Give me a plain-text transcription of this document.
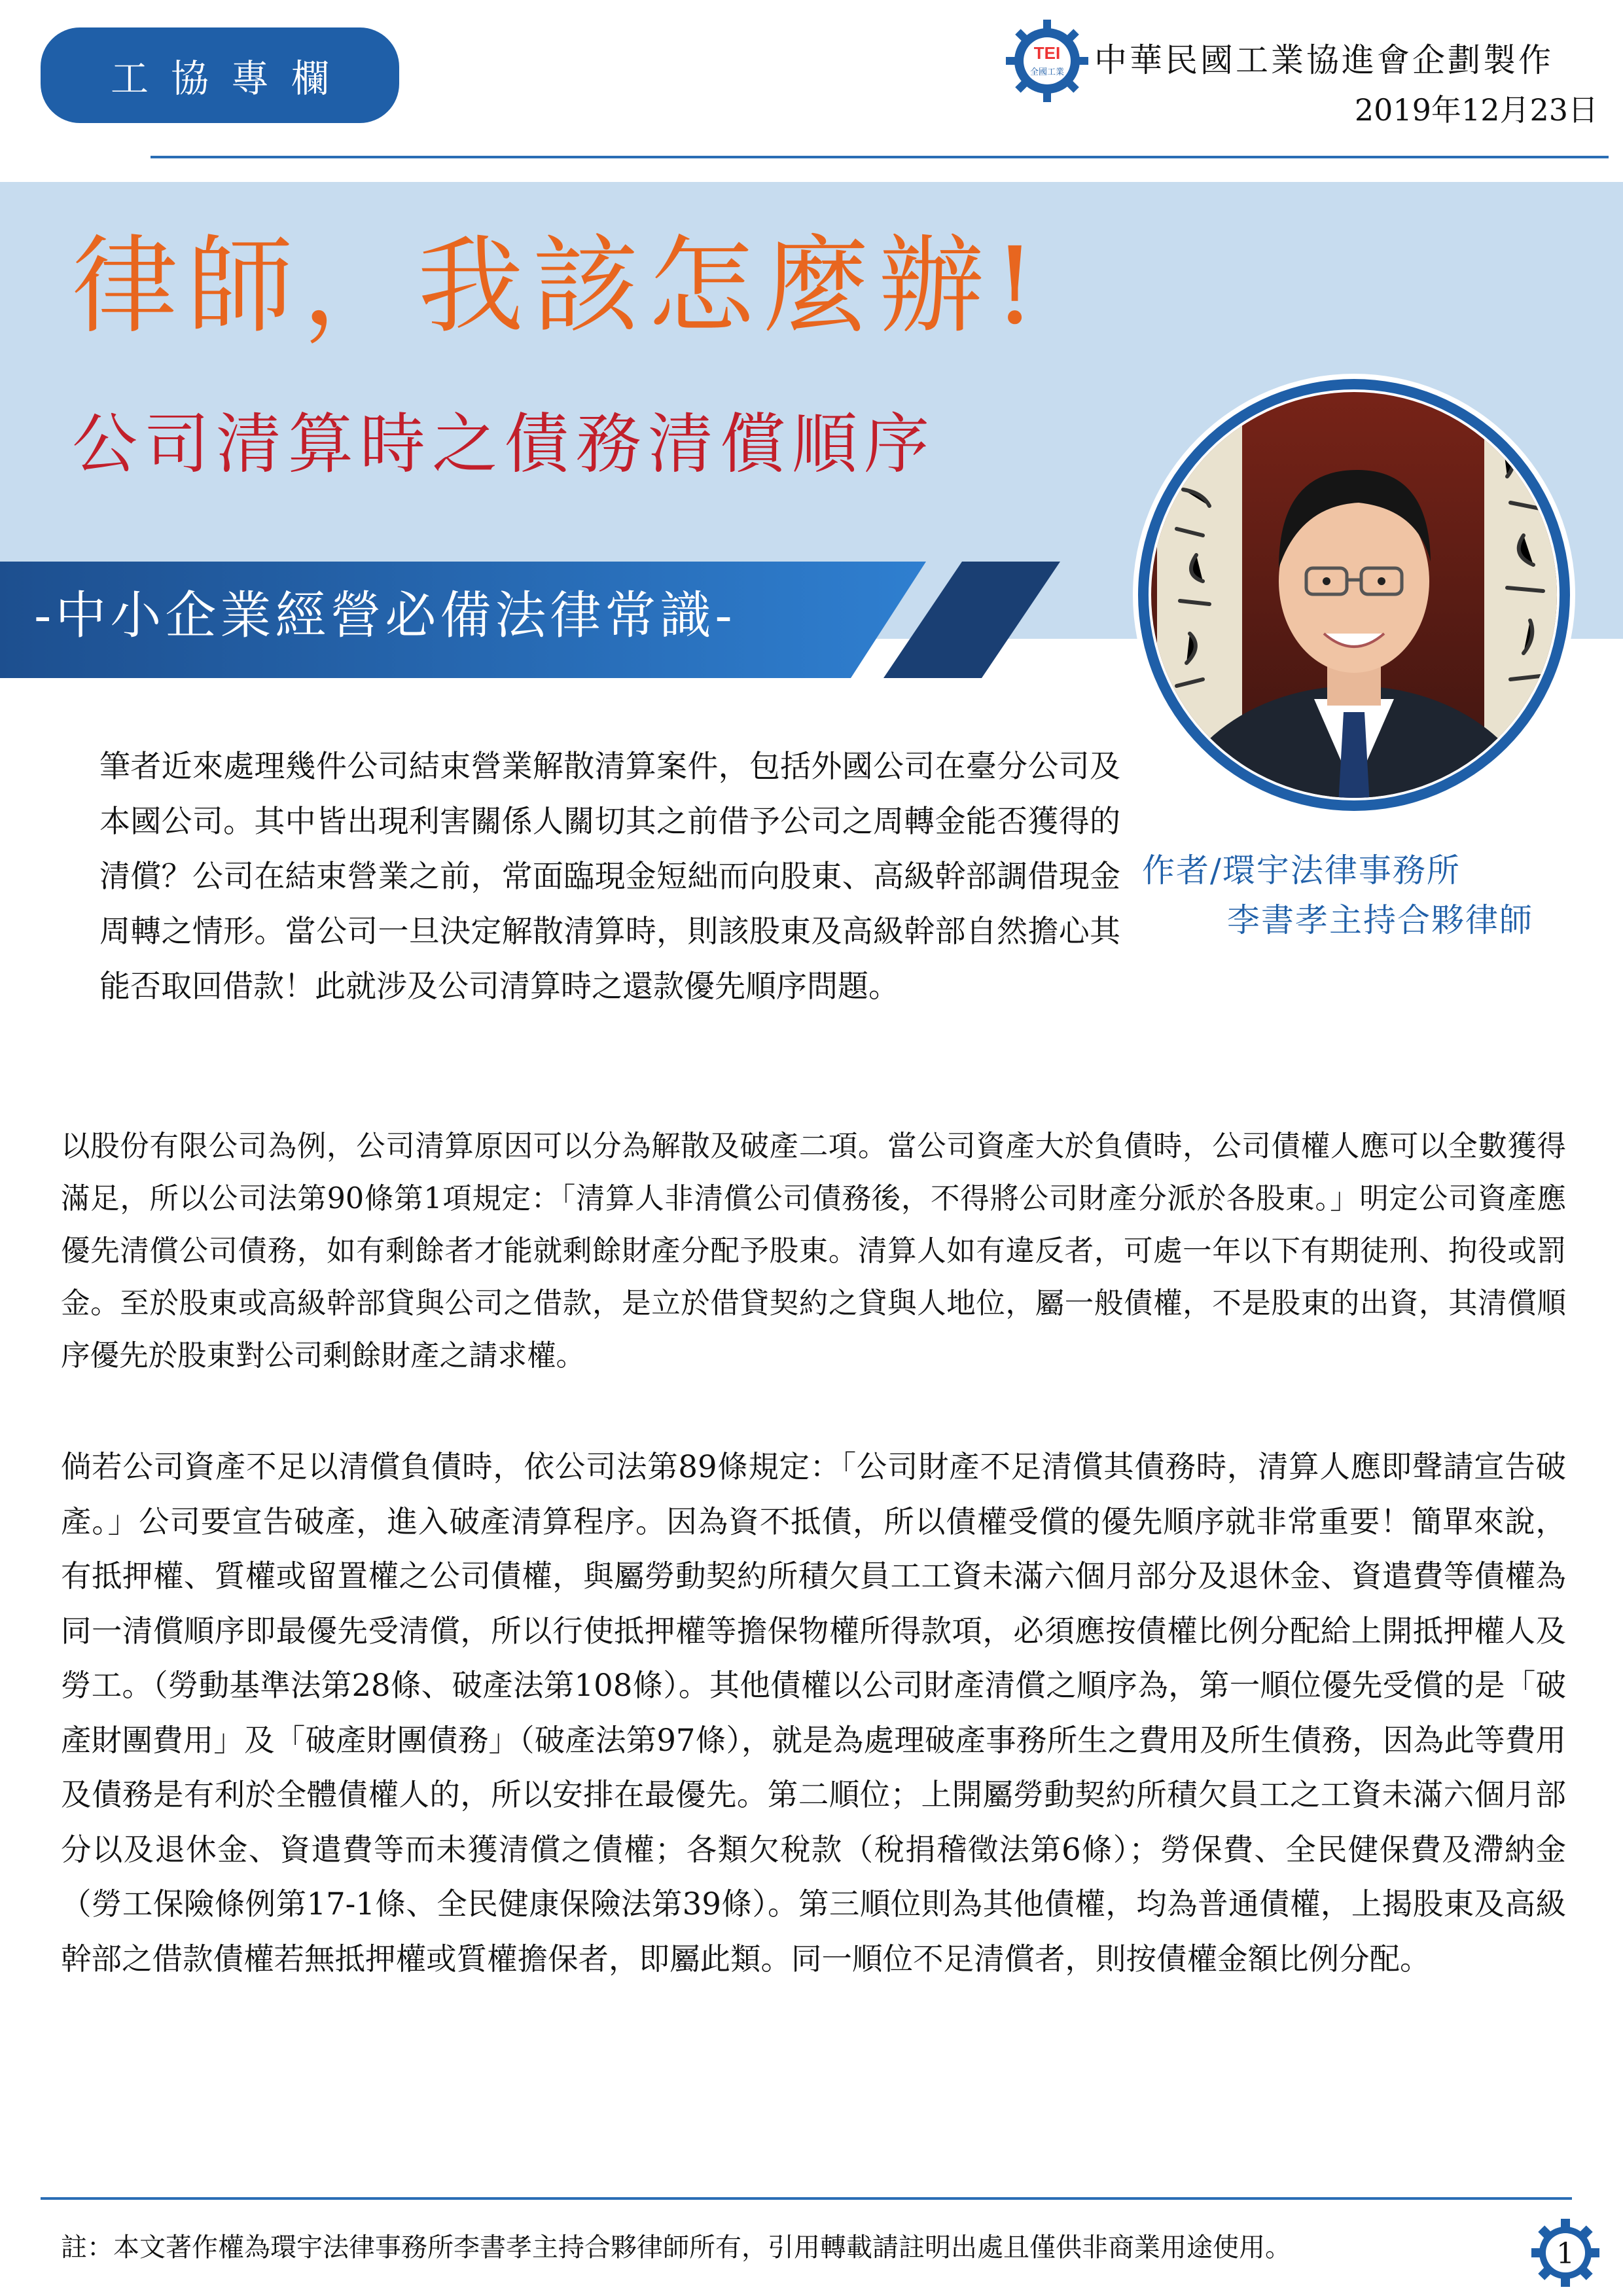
工協專欄
TEI
全國工業 中華民國工業協進會企劃製作
2019年12月23日
律師，我該怎麼辦!
公司清算時之債務清償順序
-中小企業經營必備法律常識-
作者/環宇法律事務所
李書孝主持合夥律師

筆者近來處理幾件公司結束營業解散清算案件，包括外國公司在臺分公司及本國公司。其中皆出現利害關係人關切其之前借予公司之周轉金能否獲得的清償？公司在結束營業之前，常面臨現金短絀而向股東、高級幹部調借現金周轉之情形。當公司一旦決定解散清算時，則該股東及高級幹部自然擔心其能否取回借款！此就涉及公司清算時之還款優先順序問題。

以股份有限公司為例，公司清算原因可以分為解散及破產二項。當公司資產大於負債時，公司債權人應可以全數獲得滿足，所以公司法第90條第1項規定：「清算人非清償公司債務後，不得將公司財產分派於各股東。」明定公司資產應優先清償公司債務，如有剩餘者才能就剩餘財產分配予股東。清算人如有違反者，可處一年以下有期徒刑、拘役或罰金。至於股東或高級幹部貸與公司之借款，是立於借貸契約之貸與人地位，屬一般債權，不是股東的出資，其清償順序優先於股東對公司剩餘財產之請求權。

倘若公司資產不足以清償負債時，依公司法第89條規定：「公司財產不足清償其債務時，清算人應即聲請宣告破產。」公司要宣告破產，進入破產清算程序。因為資不抵債，所以債權受償的優先順序就非常重要！簡單來說，有抵押權、質權或留置權之公司債權，與屬勞動契約所積欠員工工資未滿六個月部分及退休金、資遣費等債權為同一清償順序即最優先受清償，所以行使抵押權等擔保物權所得款項，必須應按債權比例分配給上開抵押權人及勞工。（勞動基準法第28條、破產法第108條）。其他債權以公司財產清償之順序為，第一順位優先受償的是「破產財團費用」及「破產財團債務」（破產法第97條），就是為處理破產事務所生之費用及所生債務，因為此等費用及債務是有利於全體債權人的，所以安排在最優先。第二順位；上開屬勞動契約所積欠員工之工資未滿六個月部分以及退休金、資遣費等而未獲清償之債權；各類欠稅款（稅捐稽徵法第6條）；勞保費、全民健保費及滯納金（勞工保險條例第17-1條、全民健康保險法第39條）。第三順位則為其他債權，均為普通債權，上揭股東及高級幹部之借款債權若無抵押權或質權擔保者，即屬此類。同一順位不足清償者，則按債權金額比例分配。

註：本文著作權為環宇法律事務所李書孝主持合夥律師所有，引用轉載請註明出處且僅供非商業用途使用。	1
